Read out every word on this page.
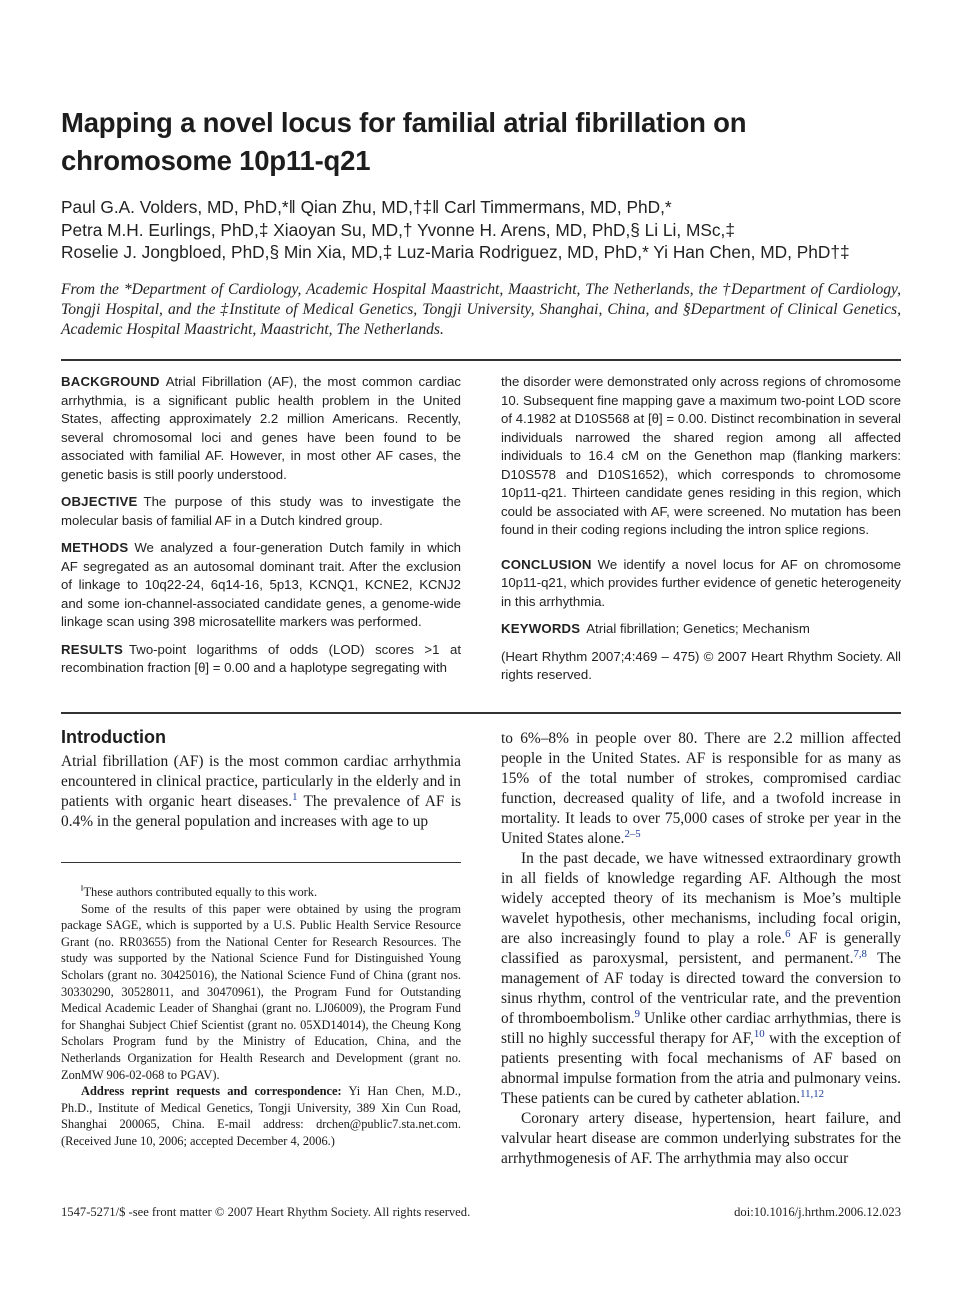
Mapping a novel locus for familial atrial fibrillation on chromosome 10p11-q21
Paul G.A. Volders, MD, PhD,*‖ Qian Zhu, MD,†‡‖ Carl Timmermans, MD, PhD,*
Petra M.H. Eurlings, PhD,‡ Xiaoyan Su, MD,† Yvonne H. Arens, MD, PhD,§ Li Li, MSc,‡
Roselie J. Jongbloed, PhD,§ Min Xia, MD,‡ Luz-Maria Rodriguez, MD, PhD,* Yi Han Chen, MD, PhD†‡
From the *Department of Cardiology, Academic Hospital Maastricht, Maastricht, The Netherlands, the †Department of Cardiology, Tongji Hospital, and the ‡Institute of Medical Genetics, Tongji University, Shanghai, China, and §Department of Clinical Genetics, Academic Hospital Maastricht, Maastricht, The Netherlands.

BACKGROUND Atrial Fibrillation (AF), the most common cardiac arrhythmia, is a significant public health problem in the United States, affecting approximately 2.2 million Americans. Recently, several chromosomal loci and genes have been found to be associated with familial AF. However, in most other AF cases, the genetic basis is still poorly understood.

OBJECTIVE The purpose of this study was to investigate the molecular basis of familial AF in a Dutch kindred group.

METHODS We analyzed a four-generation Dutch family in which AF segregated as an autosomal dominant trait. After the exclusion of linkage to 10q22-24, 6q14-16, 5p13, KCNQ1, KCNE2, KCNJ2 and some ion-channel-associated candidate genes, a genome-wide linkage scan using 398 microsatellite markers was performed.

RESULTS Two-point logarithms of odds (LOD) scores >1 at recombination fraction [θ] = 0.00 and a haplotype segregating with

the disorder were demonstrated only across regions of chromosome 10. Subsequent fine mapping gave a maximum two-point LOD score of 4.1982 at D10S568 at [θ] = 0.00. Distinct recombination in several individuals narrowed the shared region among all affected individuals to 16.4 cM on the Genethon map (flanking markers: D10S578 and D10S1652), which corresponds to chromosome 10p11-q21. Thirteen candidate genes residing in this region, which could be associated with AF, were screened. No mutation has been found in their coding regions including the intron splice regions.

CONCLUSION We identify a novel locus for AF on chromosome 10p11-q21, which provides further evidence of genetic heterogeneity in this arrhythmia.

KEYWORDS Atrial fibrillation; Genetics; Mechanism

(Heart Rhythm 2007;4:469 – 475) © 2007 Heart Rhythm Society. All rights reserved.

Introduction

Atrial fibrillation (AF) is the most common cardiac arrhythmia encountered in clinical practice, particularly in the elderly and in patients with organic heart diseases.$^1$ The prevalence of AF is 0.4% in the general population and increases with age to up

‖These authors contributed equally to this work.

Some of the results of this paper were obtained by using the program package SAGE, which is supported by a U.S. Public Health Service Resource Grant (no. RR03655) from the National Center for Research Resources. The study was supported by the National Science Fund for Distinguished Young Scholars (grant no. 30425016), the National Science Fund of China (grant nos. 30330290, 30528011, and 30470961), the Program Fund for Outstanding Medical Academic Leader of Shanghai (grant no. LJ06009), the Program Fund for Shanghai Subject Chief Scientist (grant no. 05XD14014), the Cheung Kong Scholars Program fund by the Ministry of Education, China, and the Netherlands Organization for Health Research and Development (grant no. ZonMW 906-02-068 to PGAV).

Address reprint requests and correspondence: Yi Han Chen, M.D., Ph.D., Institute of Medical Genetics, Tongji University, 389 Xin Cun Road, Shanghai 200065, China. E-mail address: drchen@public7.sta.net.com. (Received June 10, 2006; accepted December 4, 2006.)

to 6%–8% in people over 80. There are 2.2 million affected people in the United States. AF is responsible for as many as 15% of the total number of strokes, compromised cardiac function, decreased quality of life, and a twofold increase in mortality. It leads to over 75,000 cases of stroke per year in the United States alone.$^{2-5}$

In the past decade, we have witnessed extraordinary growth in all fields of knowledge regarding AF. Although the most widely accepted theory of its mechanism is Moe’s multiple wavelet hypothesis, other mechanisms, including focal origin, are also increasingly found to play a role.$^6$ AF is generally classified as paroxysmal, persistent, and permanent.$^{7,8}$ The management of AF today is directed toward the conversion to sinus rhythm, control of the ventricular rate, and the prevention of thromboembolism.$^9$ Unlike other cardiac arrhythmias, there is still no highly successful therapy for AF,$^{10}$ with the exception of patients presenting with focal mechanisms of AF based on abnormal impulse formation from the atria and pulmonary veins. These patients can be cured by catheter ablation.$^{11,12}$

Coronary artery disease, hypertension, heart failure, and valvular heart disease are common underlying substrates for the arrhythmogenesis of AF. The arrhythmia may also occur

1547-5271/$ -see front matter © 2007 Heart Rhythm Society. All rights reserved.	doi:10.1016/j.hrthm.2006.12.023
